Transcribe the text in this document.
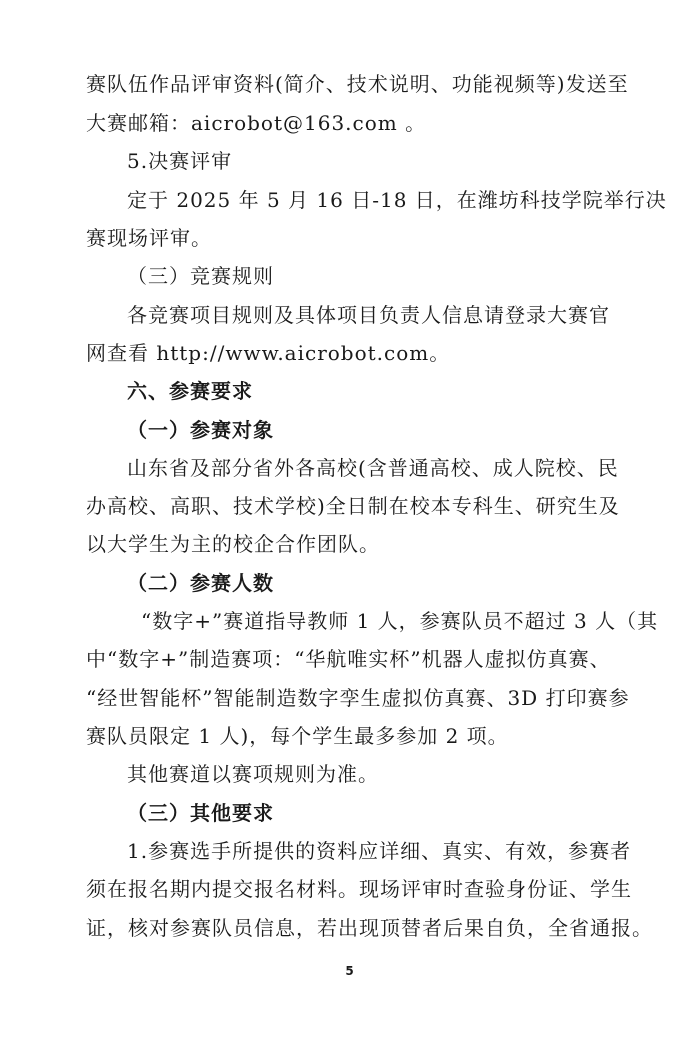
赛队伍作品评审资料(简介、技术说明、功能视频等)发送至
大赛邮箱：aicrobot@163.com 。
5.决赛评审
定于 2025 年 5 月 16 日-18 日，在潍坊科技学院举行决
赛现场评审。
（三）竞赛规则
各竞赛项目规则及具体项目负责人信息请登录大赛官
网查看 http://www.aicrobot.com。
六、参赛要求
（一）参赛对象
山东省及部分省外各高校(含普通高校、成人院校、民
办高校、高职、技术学校)全日制在校本专科生、研究生及
以大学生为主的校企合作团队。
（二）参赛人数
“数字+”赛道指导教师 1 人，参赛队员不超过 3 人（其
中“数字+”制造赛项：“华航唯实杯”机器人虚拟仿真赛、
“经世智能杯”智能制造数字孪生虚拟仿真赛、3D 打印赛参
赛队员限定 1 人)，每个学生最多参加 2 项。
其他赛道以赛项规则为准。
（三）其他要求
1.参赛选手所提供的资料应详细、真实、有效，参赛者
须在报名期内提交报名材料。现场评审时查验身份证、学生
证，核对参赛队员信息，若出现顶替者后果自负，全省通报。
5
